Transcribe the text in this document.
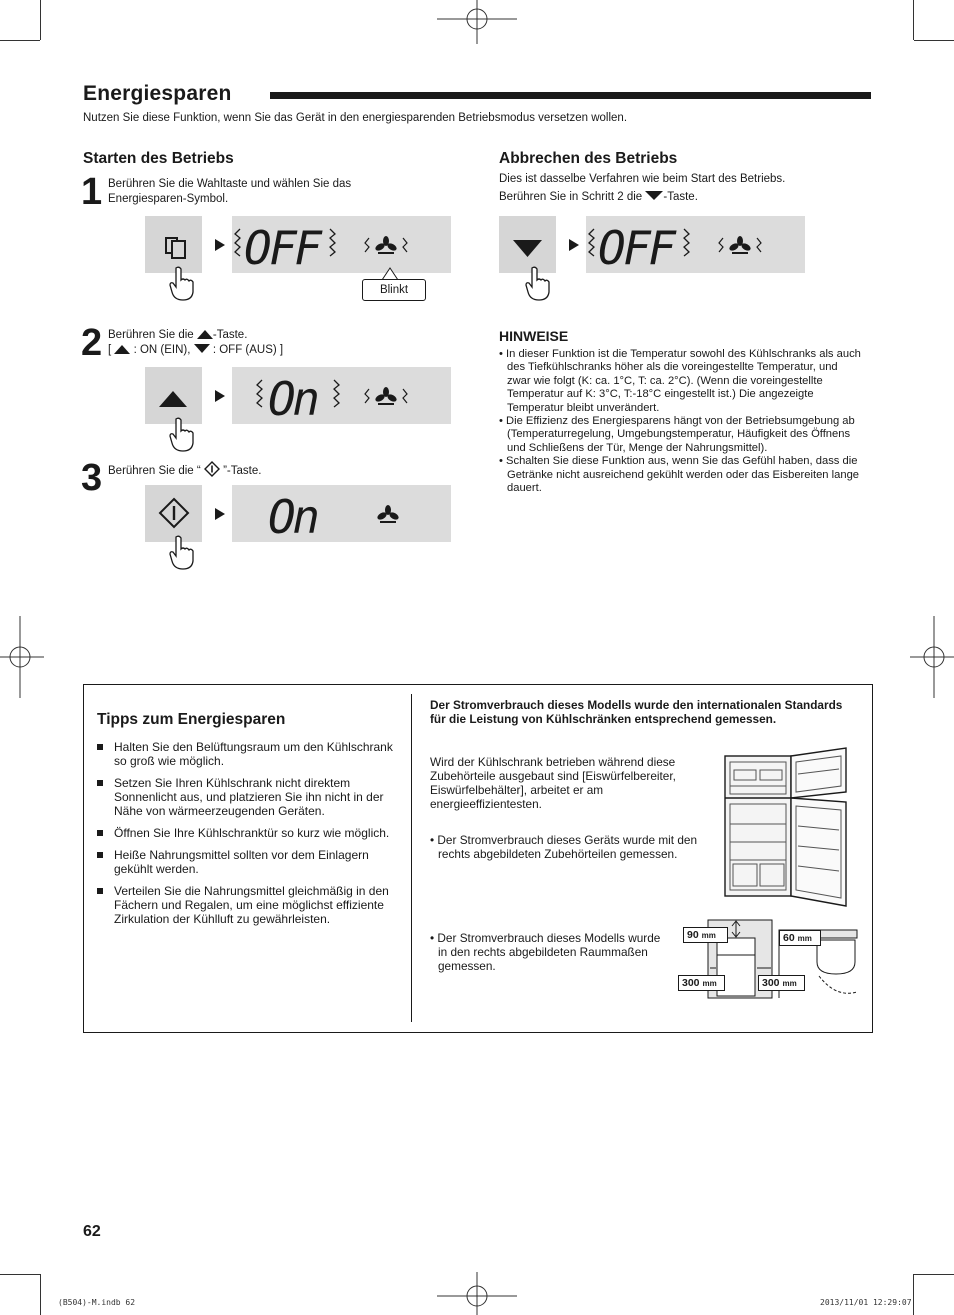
Energiesparen
Nutzen Sie diese Funktion, wenn Sie das Gerät in den energiesparenden Betriebsmodus versetzen wollen.
Starten des Betriebs
1 Berühren Sie die Wahltaste und wählen Sie das Energiesparen-Symbol.
OFF
Blinkt
2 Berühren Sie die -Taste.
[  : ON (EIN),  : OFF (AUS) ]
On
3 Berühren Sie die “  ”-Taste.
On
Abbrechen des Betriebs
Dies ist dasselbe Verfahren wie beim Start des Betriebs.
Berühren Sie in Schritt 2 die -Taste.
OFF
HINWEISE
• In dieser Funktion ist die Temperatur sowohl des Kühlschranks als auch des Tiefkühlschranks höher als die voreingestellte Temperatur, und zwar wie folgt (K: ca. 1°C, T: ca. 2°C). (Wenn die voreingestellte Temperatur auf K: 3°C, T:-18°C eingestellt ist.) Die angezeigte Temperatur bleibt unverändert.
• Die Effizienz des Energiesparens hängt von der Betriebsumgebung ab (Temperaturregelung, Umgebungstemperatur, Häufigkeit des Öffnens und Schließens der Tür, Menge der Nahrungsmittel).
• Schalten Sie diese Funktion aus, wenn Sie das Gefühl haben, dass die Getränke nicht ausreichend gekühlt werden oder das Eisbereiten lange dauert.
Tipps zum Energiesparen
Halten Sie den Belüftungsraum um den Kühlschrank so groß wie möglich.
Setzen Sie Ihren Kühlschrank nicht direktem Sonnenlicht aus, und platzieren Sie ihn nicht in der Nähe von wärmeerzeugenden Geräten.
Öffnen Sie Ihre Kühlschranktür so kurz wie möglich.
Heiße Nahrungsmittel sollten vor dem Einlagern gekühlt werden.
Verteilen Sie die Nahrungsmittel gleichmäßig in den Fächern und Regalen, um eine möglichst effiziente Zirkulation der Kühlluft zu gewährleisten.
Der Stromverbrauch dieses Modells wurde den internationalen Standards für die Leistung von Kühlschränken entsprechend gemessen.
Wird der Kühlschrank betrieben während diese Zubehörteile ausgebaut sind [Eiswürfelbereiter, Eiswürfelbehälter], arbeitet er am energieeffizientesten.
• Der Stromverbrauch dieses Geräts wurde mit den rechts abgebildeten Zubehörteilen gemessen.
• Der Stromverbrauch dieses Modells wurde in den rechts abgebildeten Raummaßen gemessen.
90 mm
300 mm	300 mm
60 mm
62
(B504)-M.indb 62	2013/11/01 12:29:07
